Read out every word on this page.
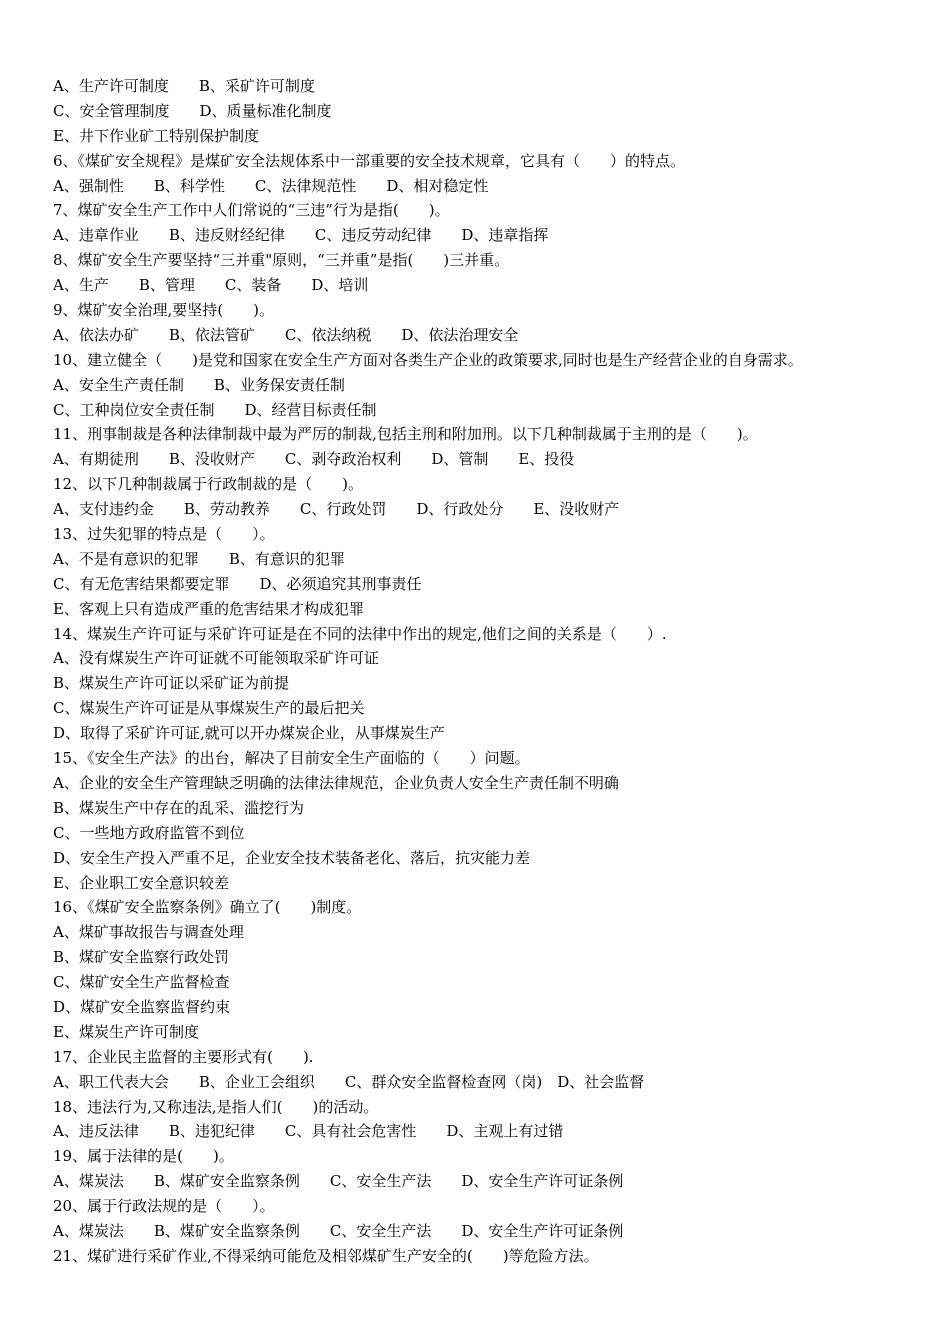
A、生产许可制度　　B、采矿许可制度
C、安全管理制度　　D、质量标准化制度
E、井下作业矿工特别保护制度
6、《煤矿安全规程》是煤矿安全法规体系中一部重要的安全技术规章，它具有（　　）的特点。
A、强制性　　B、科学性　　C、法律规范性　　D、相对稳定性
7、煤矿安全生产工作中人们常说的“三违”行为是指(　　)。
A、违章作业　　B、违反财经纪律　　C、违反劳动纪律　　D、违章指挥
8、煤矿安全生产要坚持“三并重"原则，“三并重”是指(　　)三并重。
A、生产　　B、管理　　C、装备　　D、培训
9、煤矿安全治理,要坚持(　　)。
A、依法办矿　　B、依法管矿　　C、依法纳税　　D、依法治理安全
10、建立健全（　　)是党和国家在安全生产方面对各类生产企业的政策要求,同时也是生产经营企业的自身需求。
A、安全生产责任制　　B、业务保安责任制
C、工种岗位安全责任制　　D、经营目标责任制
11、刑事制裁是各种法律制裁中最为严厉的制裁,包括主刑和附加刑。以下几种制裁属于主刑的是（　　)。
A、有期徒刑　　B、没收财产　　C、剥夺政治权利　　D、管制　　E、投役
12、以下几种制裁属于行政制裁的是（　　)。
A、支付违约金　　B、劳动教养　　C、行政处罚　　D、行政处分　　E、没收财产
13、过失犯罪的特点是（　　）。
A、不是有意识的犯罪　　B、有意识的犯罪
C、有无危害结果都要定罪　　D、必须追究其刑事责任
E、客观上只有造成严重的危害结果才构成犯罪
14、煤炭生产许可证与采矿许可证是在不同的法律中作出的规定,他们之间的关系是（　　）.
A、没有煤炭生产许可证就不可能领取采矿许可证
B、煤炭生产许可证以采矿证为前提
C、煤炭生产许可证是从事煤炭生产的最后把关
D、取得了采矿许可证,就可以开办煤炭企业，从事煤炭生产
15、《安全生产法》的出台，解决了目前安全生产面临的（　　）问题。
A、企业的安全生产管理缺乏明确的法律法律规范，企业负责人安全生产责任制不明确
B、煤炭生产中存在的乱采、滥挖行为
C、一些地方政府监管不到位
D、安全生产投入严重不足，企业安全技术装备老化、落后，抗灾能力差
E、企业职工安全意识较差
16、《煤矿安全监察条例》确立了(　　)制度。
A、煤矿事故报告与调查处理
B、煤矿安全监察行政处罚
C、煤矿安全生产监督检查
D、煤矿安全监察监督约束
E、煤炭生产许可制度
17、企业民主监督的主要形式有(　　).
A、职工代表大会　　B、企业工会组织　　C、群众安全监督检查网（岗)　D、社会监督
18、违法行为,又称违法,是指人们(　　)的活动。
A、违反法律　　B、违犯纪律　　C、具有社会危害性　　D、主观上有过错
19、属于法律的是(　　)。
A、煤炭法　　B、煤矿安全监察条例　　C、安全生产法　　D、安全生产许可证条例
20、属于行政法规的是（　　）。
A、煤炭法　　B、煤矿安全监察条例　　C、安全生产法　　D、安全生产许可证条例
21、煤矿进行采矿作业,不得采纳可能危及相邻煤矿生产安全的(　　)等危险方法。
